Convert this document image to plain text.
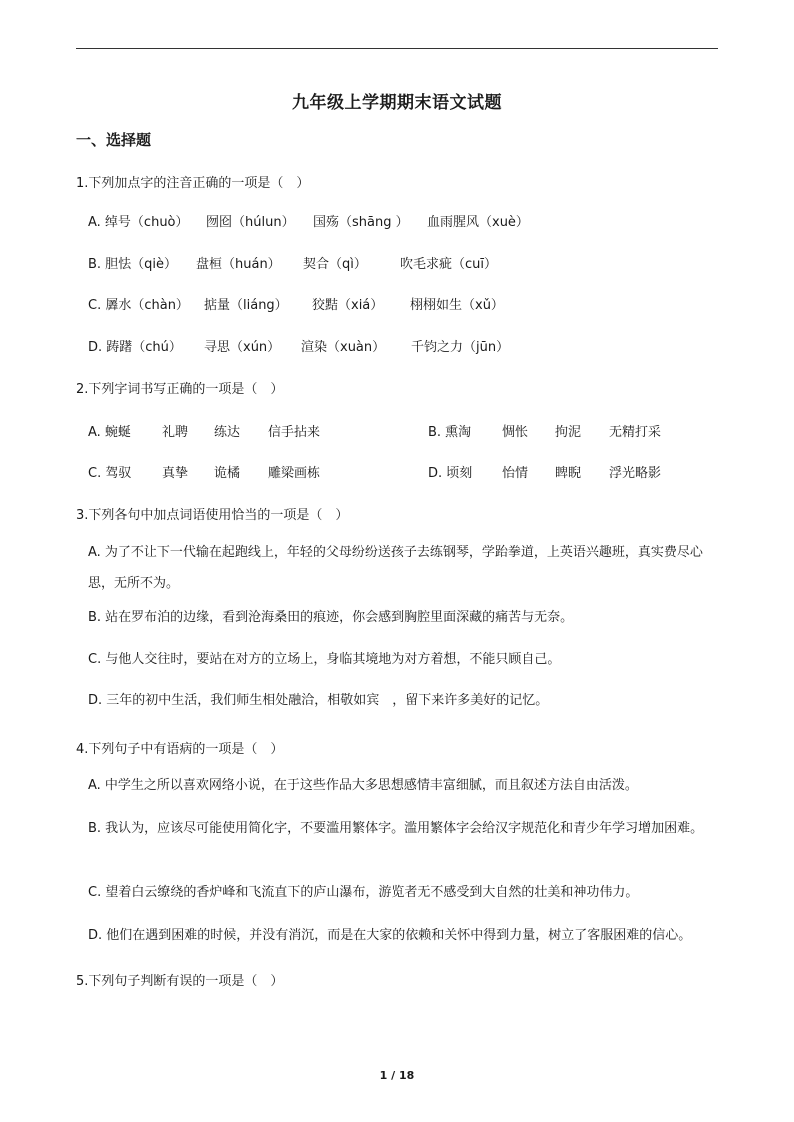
九年级上学期期末语文试题
一、选择题
1.下列加点字的注音正确的一项是（　）
A. 绰号（chuò） 囫囵（húlun） 国殇（shāng ） 血雨腥风（xuè）
B. 胆怯（qiè） 盘桓（huán） 契合（qì）	吹毛求疵（cuī）
C. 羼水（chàn） 掂量（liáng） 狡黠（xiá） 栩栩如生（xǔ）
D. 踌躇（chú） 寻思（xún） 渲染（xuàn） 千钧之力（jūn）
2.下列字词书写正确的一项是（　）
A. 蜿蜒 礼聘 练达 信手拈来	B. 熏淘 惆怅 拘泥 无精打采
C. 驾驭 真挚 诡橘 雕梁画栋	D. 顷刻 怡情 睥睨 浮光略影
3.下列各句中加点词语使用恰当的一项是（　）
A. 为了不让下一代输在起跑线上，年轻的父母纷纷送孩子去练钢琴，学跆拳道，上英语兴趣班，真实费尽心思，无所不为。
B. 站在罗布泊的边缘，看到沧海桑田的痕迹，你会感到胸腔里面深藏的痛苦与无奈。
C. 与他人交往时，要站在对方的立场上，身临其境地为对方着想，不能只顾自己。
D. 三年的初中生活，我们师生相处融洽，相敬如宾　，留下来许多美好的记忆。
4.下列句子中有语病的一项是（　）
A. 中学生之所以喜欢网络小说，在于这些作品大多思想感情丰富细腻，而且叙述方法自由活泼。
B. 我认为，应该尽可能使用简化字，不要滥用繁体字。滥用繁体字会给汉字规范化和青少年学习增加困难。
C. 望着白云缭绕的香炉峰和飞流直下的庐山瀑布，游览者无不感受到大自然的壮美和神功伟力。
D. 他们在遇到困难的时候，并没有消沉，而是在大家的依赖和关怀中得到力量，树立了客服困难的信心。
5.下列句子判断有误的一项是（　）
1 / 18
